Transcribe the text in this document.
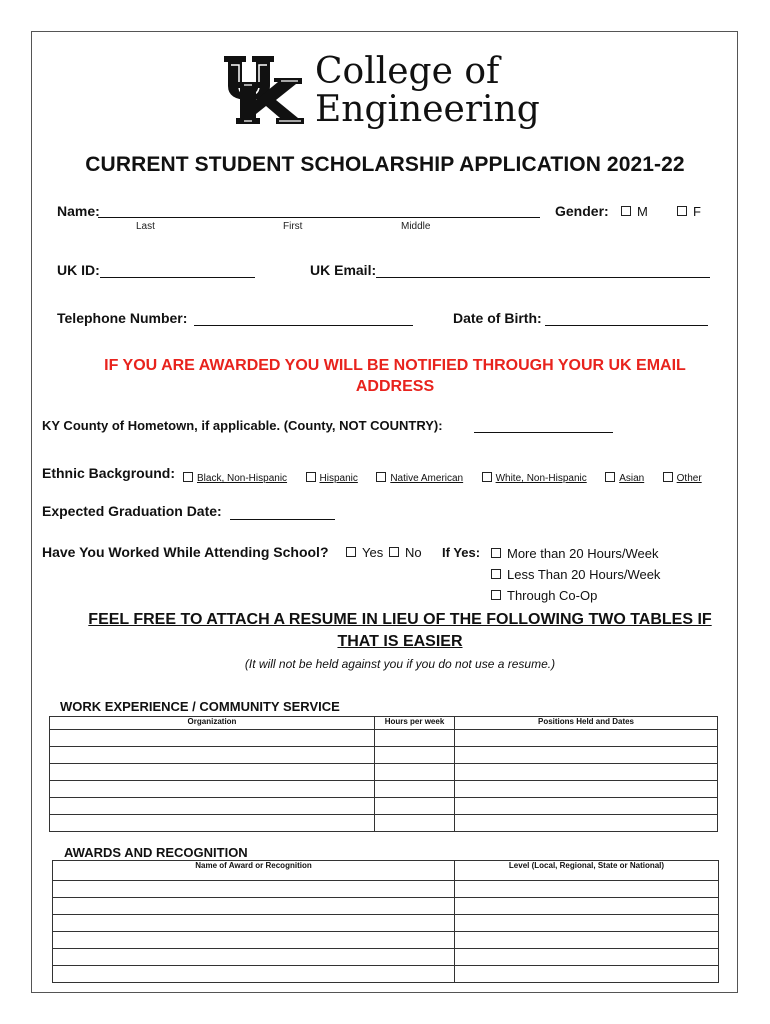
College of
Engineering
CURRENT STUDENT SCHOLARSHIP APPLICATION 2021-22
Name:
Last	First	Middle
Gender:	M	F
UK ID:	UK Email:
Telephone Number:	Date of Birth:
IF YOU ARE AWARDED YOU WILL BE NOTIFIED THROUGH YOUR UK EMAIL
ADDRESS
KY County of Hometown, if applicable. (County, NOT COUNTRY):
Ethnic Background:	Black, Non-Hispanic	Hispanic	Native American	White, Non-Hispanic	Asian	Other
Expected Graduation Date:
Have You Worked While Attending School?	Yes	No If Yes:	More than 20 Hours/Week
Less Than 20 Hours/Week
Through Co-Op
FEEL FREE TO ATTACH A RESUME IN LIEU OF THE FOLLOWING TWO TABLES IF
THAT IS EASIER
(It will not be held against you if you do not use a resume.)
WORK EXPERIENCE / COMMUNITY SERVICE
Organization	Hours per week	Positions Held and Dates

AWARDS AND RECOGNITION
Name of Award or Recognition	Level (Local, Regional, State or National)
